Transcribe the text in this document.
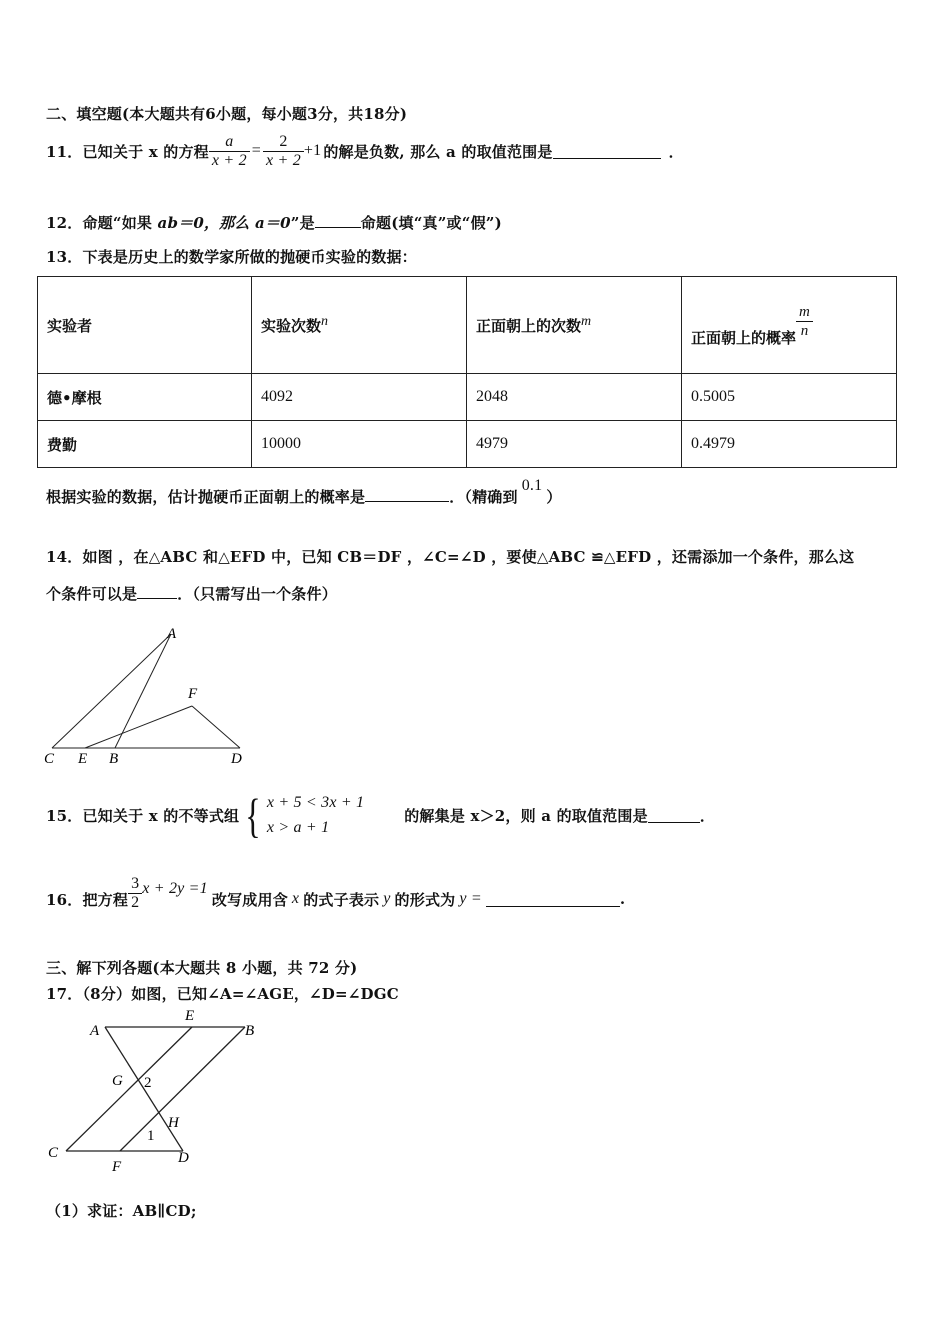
二、填空题(本大题共有6小题，每小题3分，共18分)
11．已知关于 x 的方程 $\frac{a}{x + 2} = \frac{2}{x + 2} +1$ 的解是负数, 那么 a 的取值范围是	．
12．命题“如果 ab＝0，那么 a＝0”是	命题(填“真”或“假”)
13．下表是历史上的数学家所做的抛硬币实验的数据：
实验者	实验次数$^n$	正面朝上的次数$^m$	正面朝上的概率 $\frac{m}{n}$

德•摩根	4092	2048	0.5005
费勤	10000	4979	0.4979
根据实验的数据，估计抛硬币正面朝上的概率是	．（精确到0.1）
14．如图 ，在△ABC 和△EFD 中，已知 CB＝DF ，∠C=∠D ，要使△ABC ≌△EFD ，还需添加一个条件，那么这
个条件可以是	．（只需写出一个条件）
A
F
C E B	D
15．已知关于 x 的不等式组 { x + 5 < 3x + 1
x > a + 1
的解集是 x＞2，则 a 的取值范围是	．
16．把方程 $\frac{3}{2}$ x + 2y =1
改写成用含 x 的式子表示 y 的形式为 y =	.
三、解下列各题(本大题共 8 小题，共 72 分)
17．（8分）如图，已知∠A=∠AGE，∠D=∠DGC
A
E
B
G 2
H
1
C
F
D
（1）求证：AB∥CD;
